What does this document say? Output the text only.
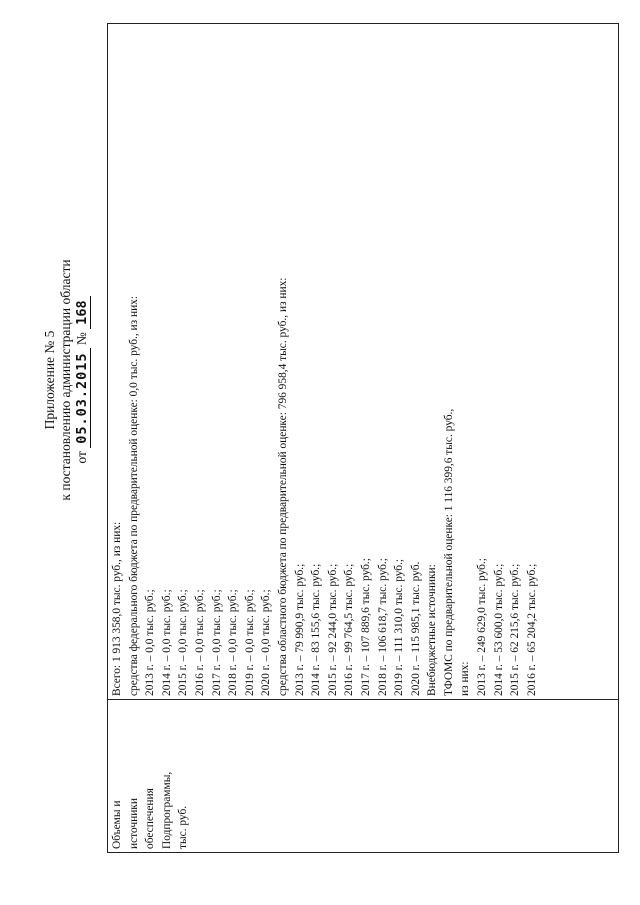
Приложение № 5 к постановлению администрации области от 05.03.2015 № 168
Объемы и источники обеспечения Подпрограммы, тыс. руб.

Всего: 1 913 358,0 тыс. руб., из них: средства федерального бюджета по предварительной оценке: 0,0 тыс. руб., из них: 2013 г. – 0,0 тыс. руб.; 2014 г. – 0,0 тыс. руб.; 2015 г. – 0,0 тыс. руб.; 2016 г. – 0,0 тыс. руб.; 2017 г. – 0,0 тыс. руб.; 2018 г. – 0,0 тыс. руб.; 2019 г. – 0,0 тыс. руб.; 2020 г. – 0,0 тыс. руб.; средства областного бюджета по предварительной оценке: 796 958,4 тыс. руб., из них: 2013 г. – 79 990,9 тыс. руб.; 2014 г. – 83 155,6 тыс. руб.; 2015 г. – 92 244,0 тыс. руб.; 2016 г. – 99 764,5 тыс. руб.; 2017 г. – 107 889,6 тыс. руб.; 2018 г. – 106 618,7 тыс. руб.; 2019 г. – 111 310,0 тыс. руб.; 2020 г. – 115 985,1 тыс. руб. Внебюджетные источники: ТФОМС по предварительной оценке: 1 116 399,6 тыс. руб., из них: 2013 г. – 249 629,0 тыс. руб.; 2014 г. – 53 600,0 тыс. руб.; 2015 г. – 62 215,6 тыс. руб.; 2016 г. – 65 204,2 тыс. руб.;
